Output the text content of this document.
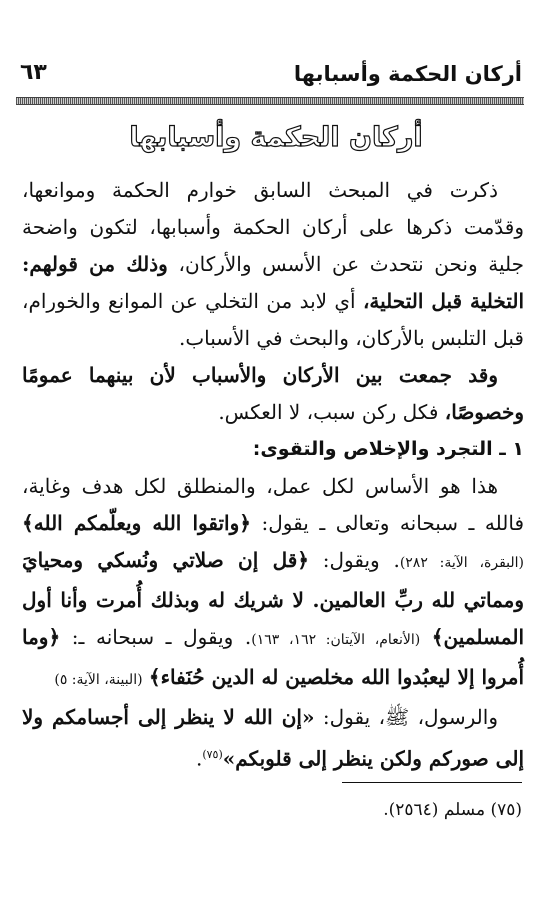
أركان الحكمة وأسبابها
٦٣
أركان الحكمة وأسبابها

ذكرت في المبحث السابق خوارم الحكمة وموانعها، وقدّمت ذكرها على أركان الحكمة وأسبابها، لتكون واضحة جلية ونحن نتحدث عن الأسس والأركان، وذلك من قولهم: التخلية قبل التحلية، أي لابد من التخلي عن الموانع والخورام، قبل التلبس بالأركان، والبحث في الأسباب.

وقد جمعت بين الأركان والأسباب لأن بينهما عمومًا وخصوصًا، فكل ركن سبب، لا العكس.

١ ـ التجرد والإخلاص والتقوى:

هذا هو الأساس لكل عمل، والمنطلق لكل هدف وغاية، فالله ـ سبحانه وتعالى ـ يقول: ﴿واتقوا الله ويعلّمكم الله﴾ (البقرة، الآية: ٢٨٢). ويقول: ﴿قل إن صلاتي ونُسكي ومحيايَ ومماتي لله ربِّ العالمين. لا شريك له وبذلك أُمرت وأنا أول المسلمين﴾ (الأنعام، الآيتان: ١٦٢، ١٦٣). ويقول ـ سبحانه ـ: ﴿وما أُمروا إلا ليعبُدوا الله مخلصين له الدين حُنَفاء﴾ (البينة، الآية: ٥)

والرسول، ﷺ، يقول: «إن الله لا ينظر إلى أجسامكم ولا إلى صوركم ولكن ينظر إلى قلوبكم»$^{(٧٥)}$.

(٧٥) مسلم (٢٥٦٤).
